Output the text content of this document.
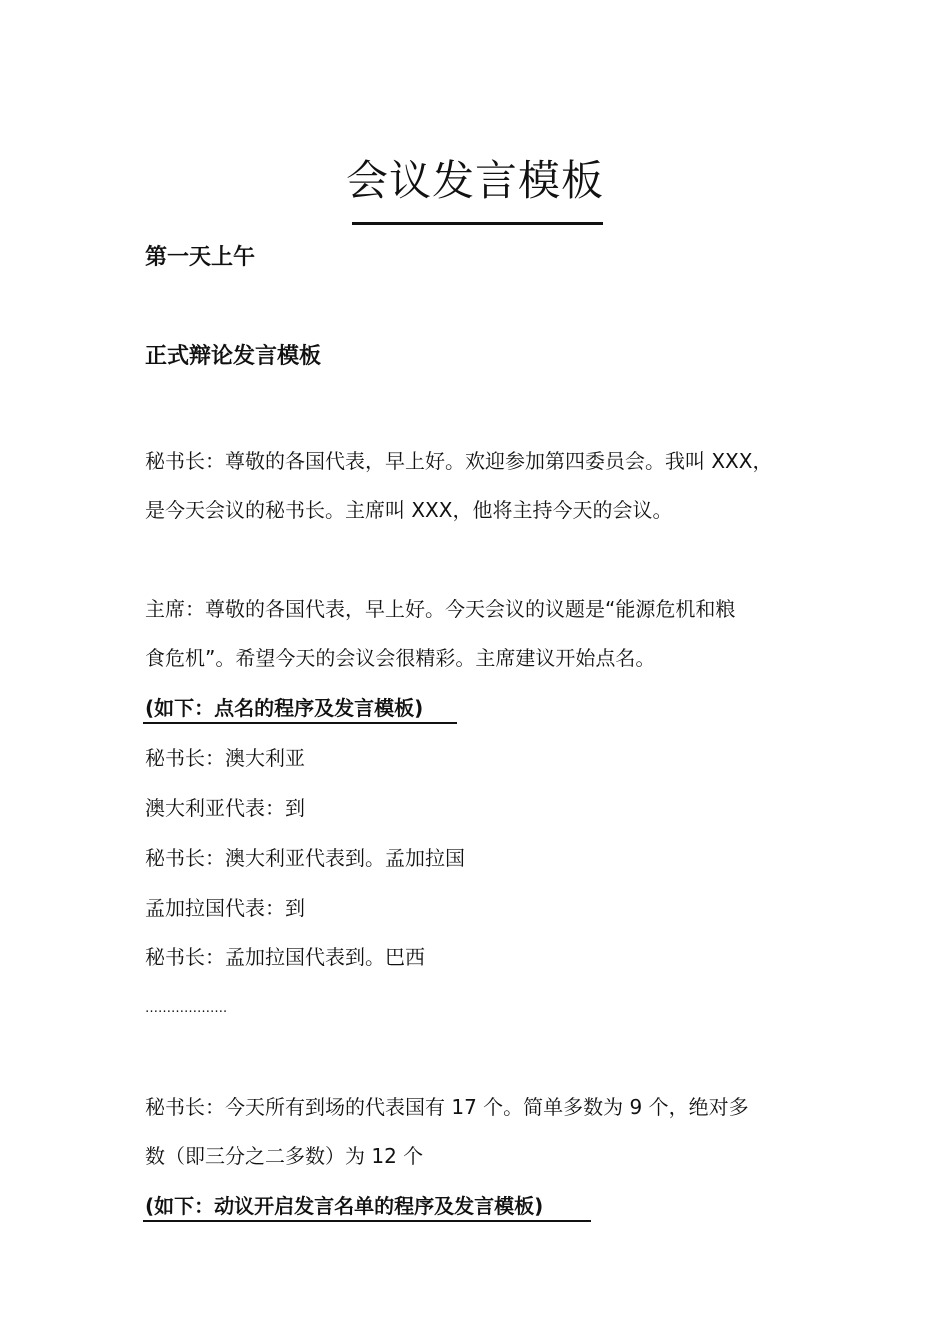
会议发言模板
第一天上午
正式辩论发言模板
秘书长：尊敬的各国代表，早上好。欢迎参加第四委员会。我叫 XXX，
是今天会议的秘书长。主席叫 XXX，他将主持今天的会议。
主席：尊敬的各国代表，早上好。今天会议的议题是“能源危机和粮
食危机”。希望今天的会议会很精彩。主席建议开始点名。
(如下：点名的程序及发言模板)
秘书长：澳大利亚
澳大利亚代表：到
秘书长：澳大利亚代表到。孟加拉国
孟加拉国代表：到
秘书长：孟加拉国代表到。巴西
……………….
秘书长：今天所有到场的代表国有 17 个。简单多数为 9 个，绝对多
数（即三分之二多数）为 12 个
(如下：动议开启发言名单的程序及发言模板)
